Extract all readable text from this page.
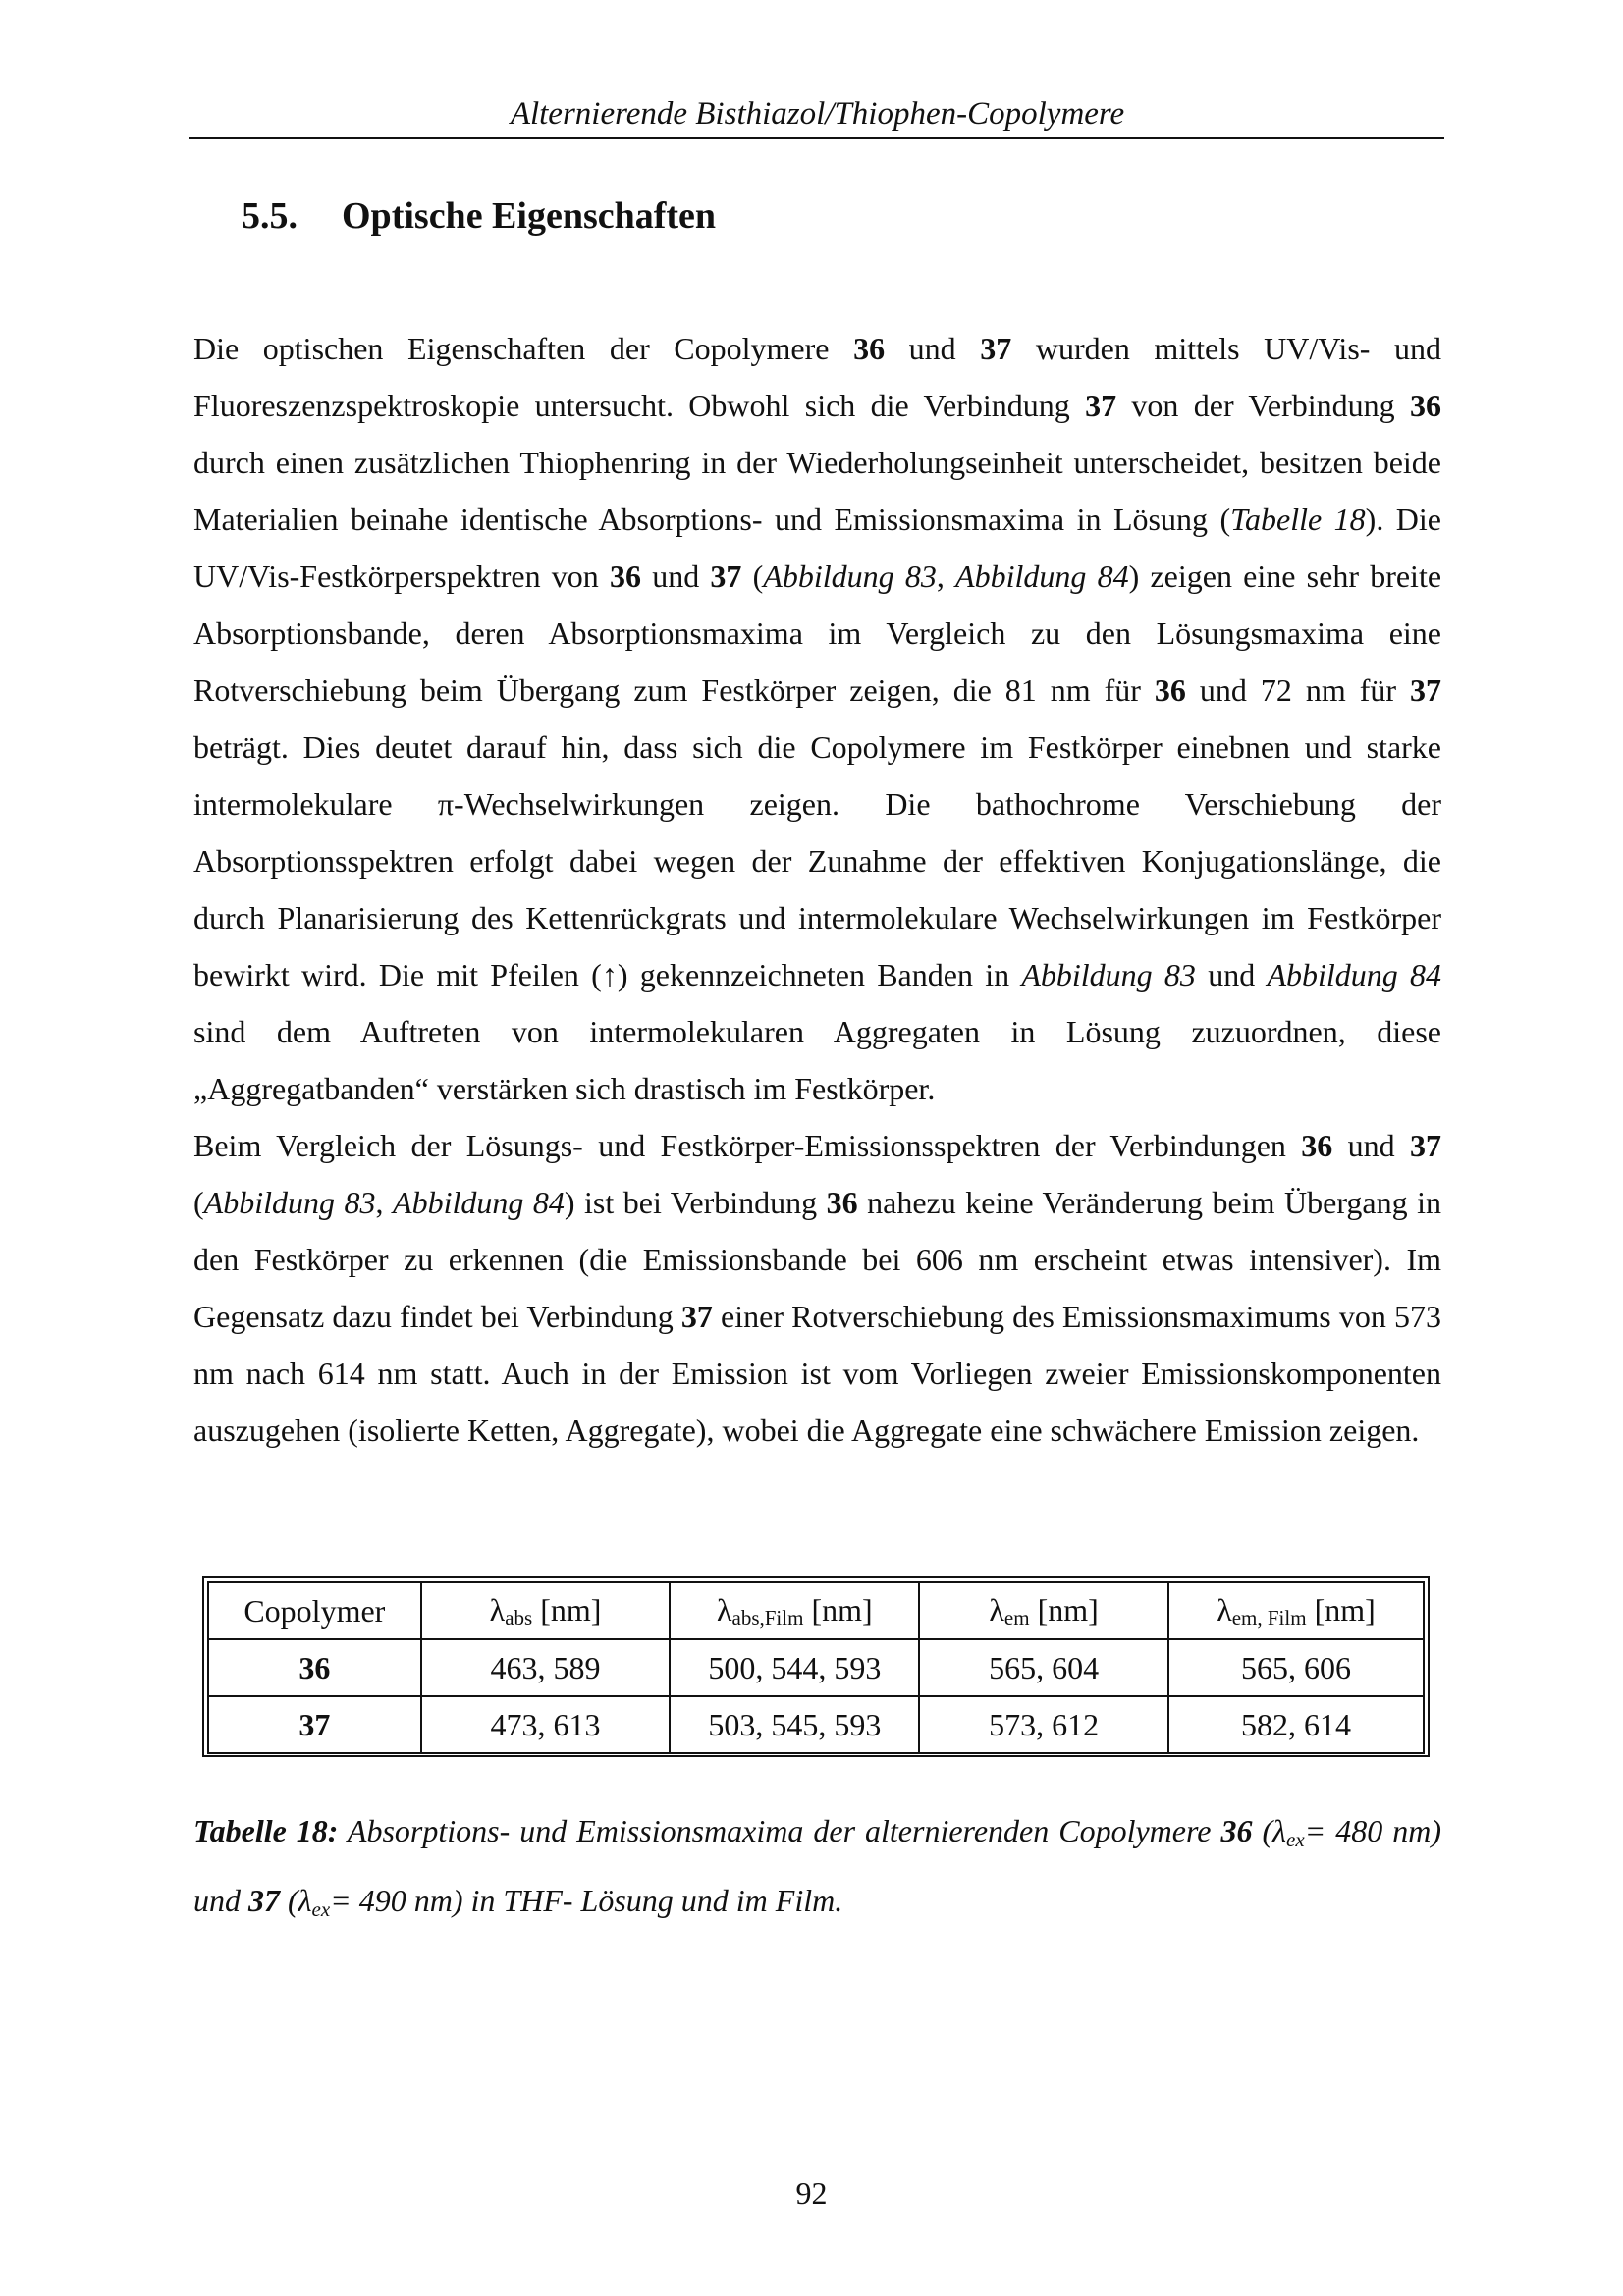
Alternierende Bisthiazol/Thiophen-Copolymere
5.5. Optische Eigenschaften

Die optischen Eigenschaften der Copolymere 36 und 37 wurden mittels UV/Vis- und Fluoreszenzspektroskopie untersucht. Obwohl sich die Verbindung 37 von der Verbindung 36 durch einen zusätzlichen Thiophenring in der Wiederholungseinheit unterscheidet, besitzen beide Materialien beinahe identische Absorptions- und Emissionsmaxima in Lösung (Tabelle 18). Die UV/Vis-Festkörperspektren von 36 und 37 (Abbildung 83, Abbildung 84) zeigen eine sehr breite Absorptionsbande, deren Absorptionsmaxima im Vergleich zu den Lösungsmaxima eine Rotverschiebung beim Übergang zum Festkörper zeigen, die 81 nm für 36 und 72 nm für 37 beträgt. Dies deutet darauf hin, dass sich die Copolymere im Festkörper einebnen und starke intermolekulare π-Wechselwirkungen zeigen. Die bathochrome Verschiebung der Absorptionsspektren erfolgt dabei wegen der Zunahme der effektiven Konjugationslänge, die durch Planarisierung des Kettenrückgrats und intermolekulare Wechselwirkungen im Festkörper bewirkt wird. Die mit Pfeilen (↑) gekennzeichneten Banden in Abbildung 83 und Abbildung 84 sind dem Auftreten von intermolekularen Aggregaten in Lösung zuzuordnen, diese „Aggregatbanden“ verstärken sich drastisch im Festkörper.

Beim Vergleich der Lösungs- und Festkörper-Emissionsspektren der Verbindungen 36 und 37 (Abbildung 83, Abbildung 84) ist bei Verbindung 36 nahezu keine Veränderung beim Übergang in den Festkörper zu erkennen (die Emissionsbande bei 606 nm erscheint etwas intensiver). Im Gegensatz dazu findet bei Verbindung 37 einer Rotverschiebung des Emissionsmaximums von 573 nm nach 614 nm statt. Auch in der Emission ist vom Vorliegen zweier Emissionskomponenten auszugehen (isolierte Ketten, Aggregate), wobei die Aggregate eine schwächere Emission zeigen.

Copolymer	λabs [nm]	λabs,Film [nm]	λem [nm]	λem, Film [nm]
36	463, 589	500, 544, 593	565, 604	565, 606
37	473, 613	503, 545, 593	573, 612	582, 614
Tabelle 18: Absorptions- und Emissionsmaxima der alternierenden Copolymere 36 (λex= 480 nm) und 37 (λex= 490 nm) in THF- Lösung und im Film.
92
